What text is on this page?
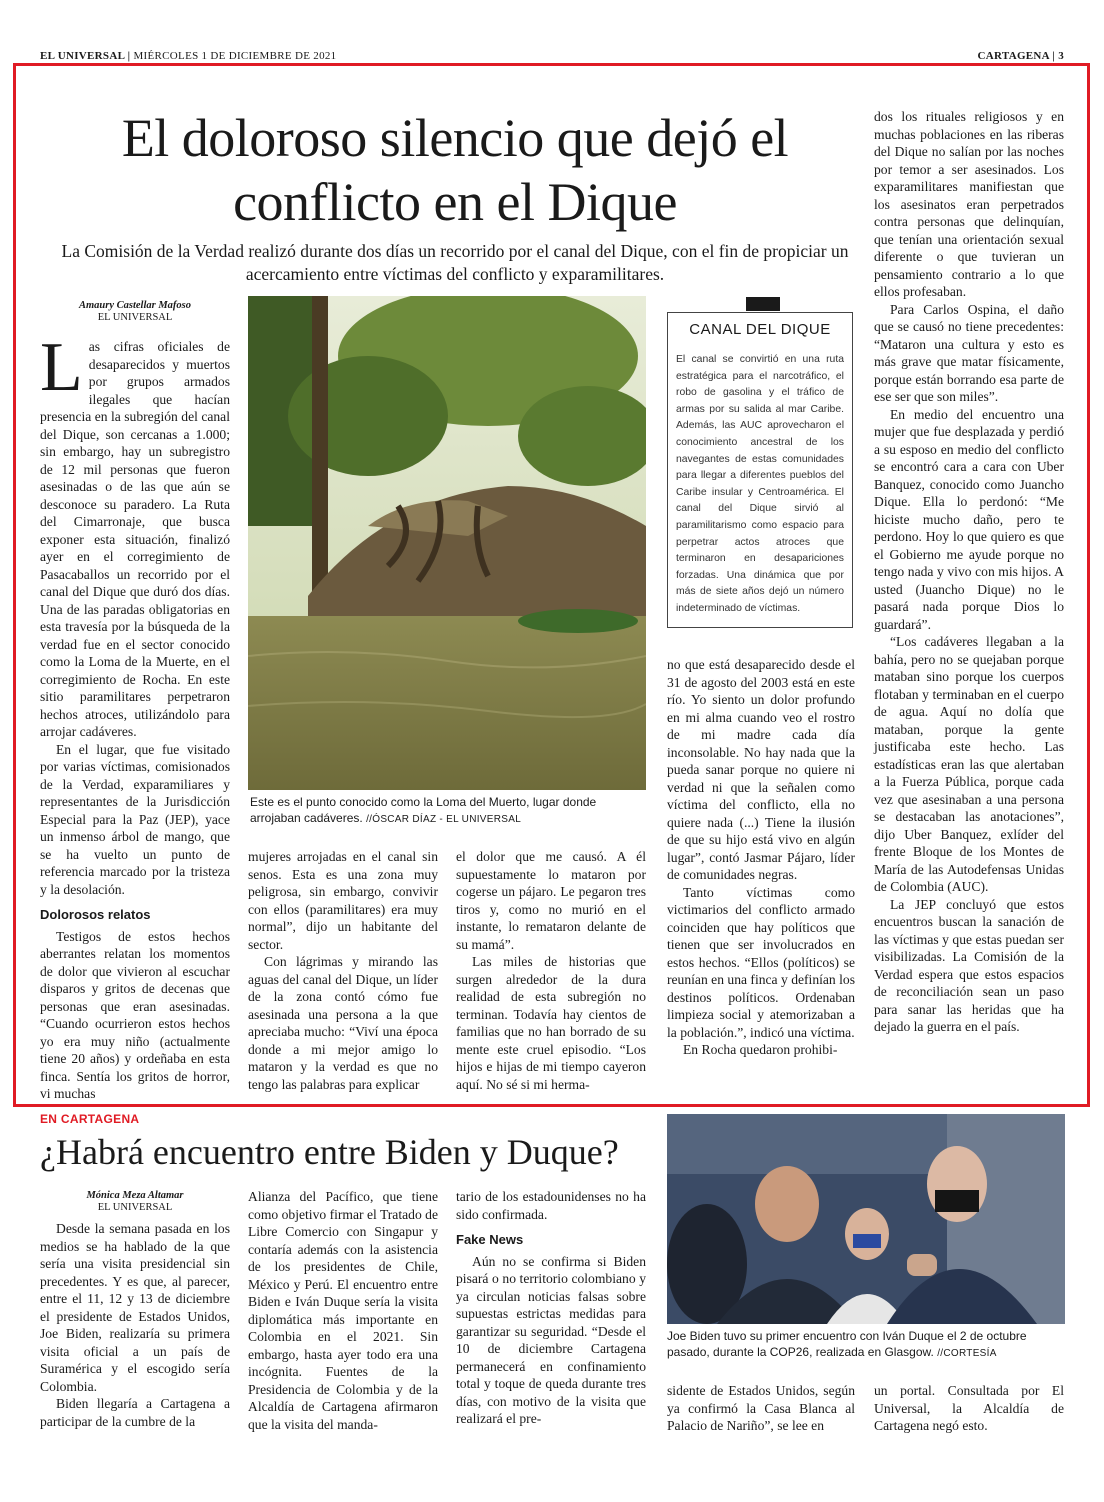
EL UNIVERSAL | MIÉRCOLES 1 DE DICIEMBRE DE 2021	CARTAGENA | 3
El doloroso silencio que dejó el conflicto en el Dique
La Comisión de la Verdad realizó durante dos días un recorrido por el canal del Dique, con el fin de propiciar un acercamiento entre víctimas del conflicto y exparamilitares.
Amaury Castellar Mafoso
EL UNIVERSAL

Las cifras oficiales de desaparecidos y muertos por grupos armados ilegales que hacían presencia en la subregión del canal del Dique, son cercanas a 1.000; sin embargo, hay un subregistro de 12 mil personas que fueron asesinadas o de las que aún se desconoce su paradero. La Ruta del Cimarronaje, que busca exponer esta situación, finalizó ayer en el corregimiento de Pasacaballos un recorrido por el canal del Dique que duró dos días. Una de las paradas obligatorias en esta travesía por la búsqueda de la verdad fue en el sector conocido como la Loma de la Muerte, en el corregimiento de Rocha. En este sitio paramilitares perpetraron hechos atroces, utilizándolo para arrojar cadáveres.

En el lugar, que fue visitado por varias víctimas, comisionados de la Verdad, exparamiliares y representantes de la Jurisdicción Especial para la Paz (JEP), yace un inmenso árbol de mango, que se ha vuelto un punto de referencia marcado por la tristeza y la desolación.

Dolorosos relatos

Testigos de estos hechos aberrantes relatan los momentos de dolor que vivieron al escuchar disparos y gritos de decenas que personas que eran asesinadas. “Cuando ocurrieron estos hechos yo era muy niño (actualmente tiene 20 años) y ordeñaba en esta finca. Sentía los gritos de horror, vi muchas

Este es el punto conocido como la Loma del Muerto, lugar donde arrojaban cadáveres. //ÓSCAR DÍAZ - EL UNIVERSAL

mujeres arrojadas en el canal sin senos. Esta es una zona muy peligrosa, sin embargo, convivir con ellos (paramilitares) era muy normal”, dijo un habitante del sector.

Con lágrimas y mirando las aguas del canal del Dique, un líder de la zona contó cómo fue asesinada una persona a la que apreciaba mucho: “Viví una época donde a mi mejor amigo lo mataron y la verdad es que no tengo las palabras para explicar

el dolor que me causó. A él supuestamente lo mataron por cogerse un pájaro. Le pegaron tres tiros y, como no murió en el instante, lo remataron delante de su mamá”.

Las miles de historias que surgen alrededor de la dura realidad de esta subregión no terminan. Todavía hay cientos de familias que no han borrado de su mente este cruel episodio. “Los hijos e hijas de mi tiempo cayeron aquí. No sé si mi herma-

CANAL DEL DIQUE
El canal se convirtió en una ruta estratégica para el narcotráfico, el robo de gasolina y el tráfico de armas por su salida al mar Caribe. Además, las AUC aprovecharon el conocimiento ancestral de los navegantes de estas comunidades para llegar a diferentes pueblos del Caribe insular y Centroamérica. El canal del Dique sirvió al paramilitarismo como espacio para perpetrar actos atroces que terminaron en desapariciones forzadas. Una dinámica que por más de siete años dejó un número indeterminado de víctimas.

no que está desaparecido desde el 31 de agosto del 2003 está en este río. Yo siento un dolor profundo en mi alma cuando veo el rostro de mi madre cada día inconsolable. No hay nada que la pueda sanar porque no quiere ni verdad ni que la señalen como víctima del conflicto, ella no quiere nada (...) Tiene la ilusión de que su hijo está vivo en algún lugar”, contó Jasmar Pájaro, líder de comunidades negras.

Tanto víctimas como victimarios del conflicto armado coinciden que hay políticos que tienen que ser involucrados en estos hechos. “Ellos (políticos) se reunían en una finca y definían los destinos políticos. Ordenaban limpieza social y atemorizaban a la población.”, indicó una víctima.

En Rocha quedaron prohibi-

dos los rituales religiosos y en muchas poblaciones en las riberas del Dique no salían por las noches por temor a ser asesinados. Los exparamilitares manifiestan que los asesinatos eran perpetrados contra personas que delinquían, que tenían una orientación sexual diferente o que tuvieran un pensamiento contrario a lo que ellos profesaban.

Para Carlos Ospina, el daño que se causó no tiene precedentes: “Mataron una cultura y esto es más grave que matar físicamente, porque están borrando esa parte de ese ser que son miles”.

En medio del encuentro una mujer que fue desplazada y perdió a su esposo en medio del conflicto se encontró cara a cara con Uber Banquez, conocido como Juancho Dique. Ella lo perdonó: “Me hiciste mucho daño, pero te perdono. Hoy lo que quiero es que el Gobierno me ayude porque no tengo nada y vivo con mis hijos. A usted (Juancho Dique) no le pasará nada porque Dios lo guardará”.

“Los cadáveres llegaban a la bahía, pero no se quejaban porque mataban sino porque los cuerpos flotaban y terminaban en el cuerpo de agua. Aquí no dolía que mataban, porque la gente justificaba este hecho. Las estadísticas eran las que alertaban a la Fuerza Pública, porque cada vez que asesinaban a una persona se destacaban las anotaciones”, dijo Uber Banquez, exlíder del frente Bloque de los Montes de María de las Autodefensas Unidas de Colombia (AUC).

La JEP concluyó que estos encuentros buscan la sanación de las víctimas y que estas puedan ser visibilizadas. La Comisión de la Verdad espera que estos espacios de reconciliación sean un paso para sanar las heridas que ha dejado la guerra en el país.

EN CARTAGENA
¿Habrá encuentro entre Biden y Duque?
Mónica Meza Altamar
EL UNIVERSAL

Desde la semana pasada en los medios se ha hablado de la que sería una visita presidencial sin precedentes. Y es que, al parecer, entre el 11, 12 y 13 de diciembre el presidente de Estados Unidos, Joe Biden, realizaría su primera visita oficial a un país de Suramérica y el escogido sería Colombia.

Biden llegaría a Cartagena a participar de la cumbre de la

Alianza del Pacífico, que tiene como objetivo firmar el Tratado de Libre Comercio con Singapur y contaría además con la asistencia de los presidentes de Chile, México y Perú. El encuentro entre Biden e Iván Duque sería la visita diplomática más importante en Colombia en el 2021. Sin embargo, hasta ayer todo era una incógnita. Fuentes de la Presidencia de Colombia y de la Alcaldía de Cartagena afirmaron que la visita del manda-

tario de los estadounidenses no ha sido confirmada.

Fake News

Aún no se confirma si Biden pisará o no territorio colombiano y ya circulan noticias falsas sobre supuestas estrictas medidas para garantizar su seguridad. “Desde el 10 de diciembre Cartagena permanecerá en confinamiento total y toque de queda durante tres días, con motivo de la visita que realizará el pre-

Joe Biden tuvo su primer encuentro con Iván Duque el 2 de octubre pasado, durante la COP26, realizada en Glasgow. //CORTESÍA

sidente de Estados Unidos, según ya confirmó la Casa Blanca al Palacio de Nariño”, se lee en

un portal. Consultada por El Universal, la Alcaldía de Cartagena negó esto.
